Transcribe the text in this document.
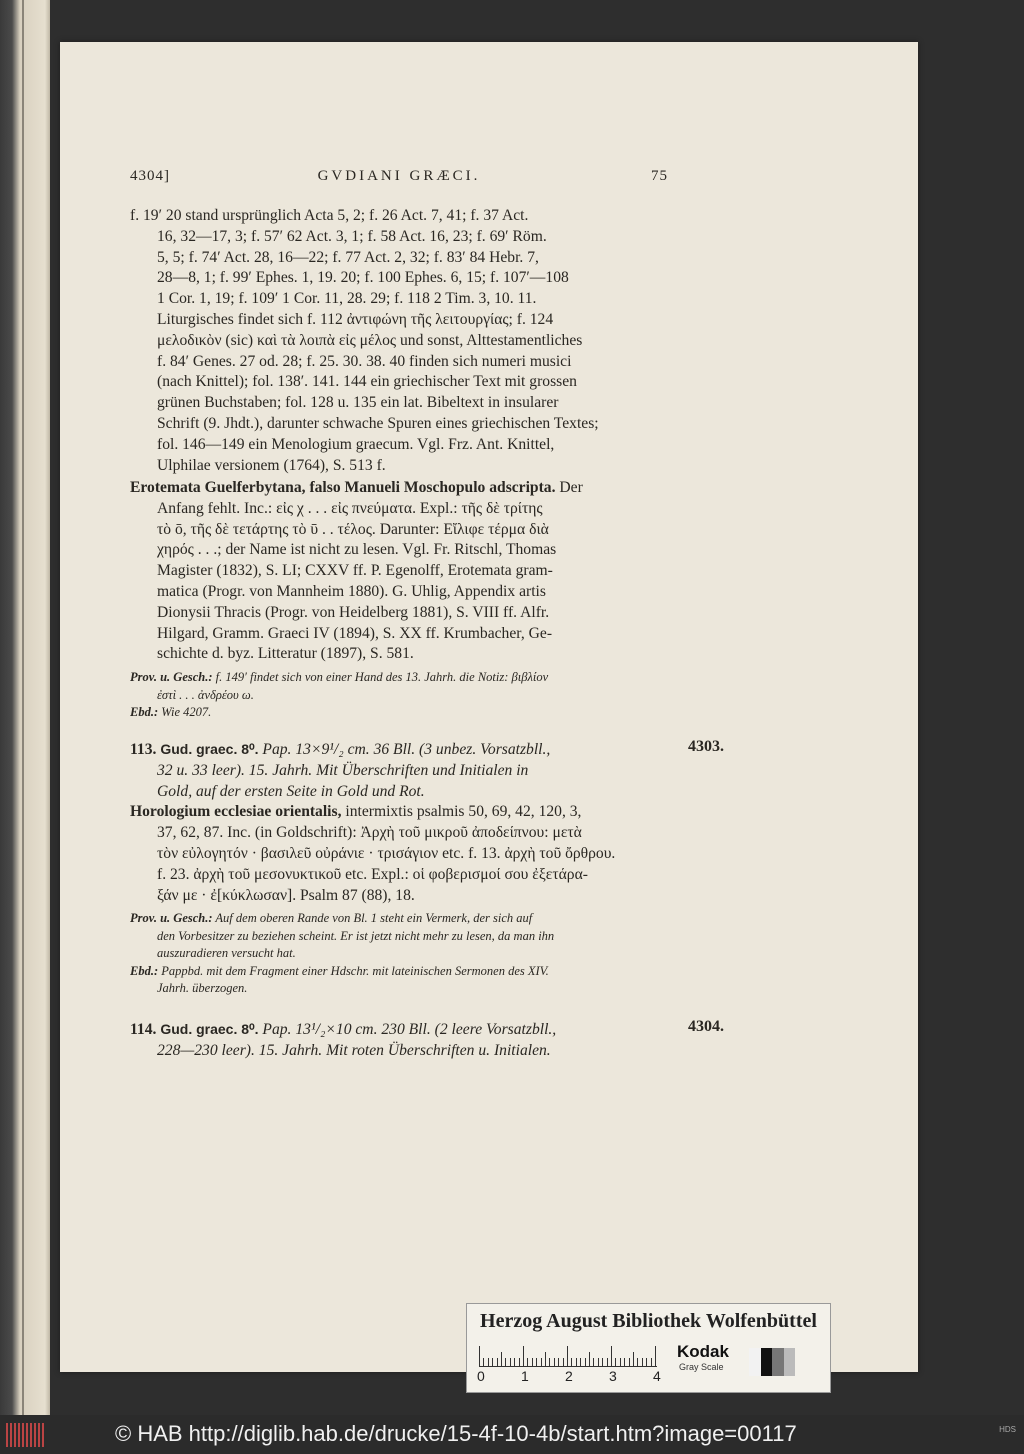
4304]	GVDIANI GRÆCI.	75
f. 19′ 20 stand ursprünglich Acta 5, 2; f. 26 Act. 7, 41; f. 37 Act.
16, 32—17, 3; f. 57′ 62 Act. 3, 1; f. 58 Act. 16, 23; f. 69′ Röm.
5, 5; f. 74′ Act. 28, 16—22; f. 77 Act. 2, 32; f. 83′ 84 Hebr. 7,
28—8, 1; f. 99′ Ephes. 1, 19. 20; f. 100 Ephes. 6, 15; f. 107′—108
1 Cor. 1, 19; f. 109′ 1 Cor. 11, 28. 29; f. 118 2 Tim. 3, 10. 11.
Liturgisches findet sich f. 112 ἀντιφώνη τῆς λειτουργίας; f. 124
μελοδικὸν (sic) καὶ τὰ λοιπὰ εἰς μέλος und sonst, Alttestamentliches
f. 84′ Genes. 27 od. 28; f. 25. 30. 38. 40 finden sich numeri musici
(nach Knittel); fol. 138′. 141. 144 ein griechischer Text mit grossen
grünen Buchstaben; fol. 128 u. 135 ein lat. Bibeltext in insularer
Schrift (9. Jhdt.), darunter schwache Spuren eines griechischen Textes;
fol. 146—149 ein Menologium graecum. Vgl. Frz. Ant. Knittel,
Ulphilae versionem (1764), S. 513 f.
Erotemata Guelferbytana, falso Manueli Moschopulo adscripta. Der
Anfang fehlt. Inc.: εἰς χ . . . εἰς πνεύματα. Expl.: τῆς δὲ τρίτης
τὸ ō, τῆς δὲ τετάρτης τὸ ῡ . . τέλος. Darunter: Εἴλιφε τέρμα διὰ
χηρός . . .; der Name ist nicht zu lesen. Vgl. Fr. Ritschl, Thomas
Magister (1832), S. LI; CXXV ff. P. Egenolff, Erotemata gram-
matica (Progr. von Mannheim 1880). G. Uhlig, Appendix artis
Dionysii Thracis (Progr. von Heidelberg 1881), S. VIII ff. Alfr.
Hilgard, Gramm. Graeci IV (1894), S. XX ff. Krumbacher, Ge-
schichte d. byz. Litteratur (1897), S. 581.
Prov. u. Gesch.: f. 149′ findet sich von einer Hand des 13. Jahrh. die Notiz: βιβλίον
ἐστὶ . . . ἀνδρέου ω.
Ebd.: Wie 4207.
113. Gud. graec. 8⁰. Pap. 13×9¹/₂ cm. 36 Bll. (3 unbez. Vorsatzbll.,
32 u. 33 leer). 15. Jahrh. Mit Überschriften und Initialen in
Gold, auf der ersten Seite in Gold und Rot.
Horologium ecclesiae orientalis, intermixtis psalmis 50, 69, 42, 120, 3,
37, 62, 87. Inc. (in Goldschrift): Ἀρχὴ τοῦ μικροῦ ἀποδείπνου: μετὰ
τὸν εὐλογητόν · βασιλεῦ οὐράνιε · τρισάγιον etc. f. 13. ἀρχὴ τοῦ ὄρθρου.
f. 23. ἀρχὴ τοῦ μεσονυκτικοῦ etc. Expl.: οἱ φοβερισμοί σου ἐξετάρα-
ξάν με · ἐ[κύκλωσαν]. Psalm 87 (88), 18.
Prov. u. Gesch.: Auf dem oberen Rande von Bl. 1 steht ein Vermerk, der sich auf
den Vorbesitzer zu beziehen scheint. Er ist jetzt nicht mehr zu lesen, da man ihn
auszuradieren versucht hat.
Ebd.: Pappbd. mit dem Fragment einer Hdschr. mit lateinischen Sermonen des XIV.
Jahrh. überzogen.
4303.
114. Gud. graec. 8⁰. Pap. 13¹/₂×10 cm. 230 Bll. (2 leere Vorsatzbll.,
228—230 leer). 15. Jahrh. Mit roten Überschriften u. Initialen.
4304.
Herzog August Bibliothek Wolfenbüttel
0	1	2	3	4
Kodak
Gray Scale
© HAB http://diglib.hab.de/drucke/15-4f-10-4b/start.htm?image=00117	HDS
